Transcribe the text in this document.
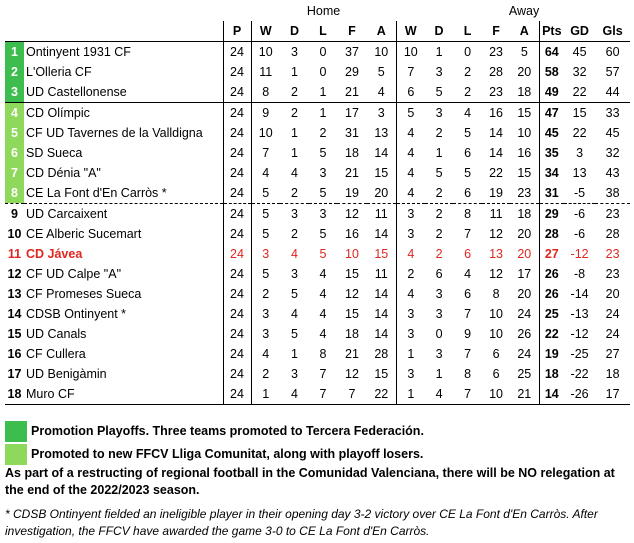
			Home							Away						
		P	W	D	L	F	A	W	D	L	F	A	Pts	GD	Gls	
1	Ontinyent 1931 CF	24	10	3	0	37	10	10	1	0	23	5	64	45	60	
2	L'Olleria CF	24	11	1	0	29	5	7	3	2	28	20	58	32	57	
3	UD Castellonense	24	8	2	1	21	4	6	5	2	23	18	49	22	44	
4	CD Olímpic	24	9	2	1	17	3	5	3	4	16	15	47	15	33	
5	CF UD Tavernes de la Valldigna	24	10	1	2	31	13	4	2	5	14	10	45	22	45	
6	SD Sueca	24	7	1	5	18	14	4	1	6	14	16	35	3	32	
7	CD Dénia "A"	24	4	4	3	21	15	4	5	5	22	15	34	13	43	
8	CE La Font d'En Carròs *	24	5	2	5	19	20	4	2	6	19	23	31	-5	38	
9	UD Carcaixent	24	5	3	3	12	11	3	2	8	11	18	29	-6	23	
10	CE Alberic Sucemart	24	5	2	5	16	14	3	2	7	12	20	28	-6	28	
11	CD Jávea	24	3	4	5	10	15	4	2	6	13	20	27	-12	23	
12	CF UD Calpe "A"	24	5	3	4	15	11	2	6	4	12	17	26	-8	23	
13	CF Promeses Sueca	24	2	5	4	12	14	4	3	6	8	20	26	-14	20	
14	CDSB Ontinyent *	24	3	4	4	15	14	3	3	7	10	24	25	-13	24	
15	UD Canals	24	3	5	4	18	14	3	0	9	10	26	22	-12	24	
16	CF Cullera	24	4	1	8	21	28	1	3	7	6	24	19	-25	27	
17	UD Benigàmin	24	2	3	7	12	15	3	1	8	6	25	18	-22	18	
18	Muro CF	24	1	4	7	7	22	1	4	7	10	21	14	-26	17	
Promotion Playoffs. Three teams promoted to Tercera Federación.
Promoted to new FFCV Lliga Comunitat, along with playoff losers.
As part of a restructing of regional football in the Comunidad Valenciana, there will be NO relegation at the end of the 2022/2023 season.
* CDSB Ontinyent fielded an ineligible player in their opening day 3-2 victory over CE La Font d'En Carròs. After investigation, the FFCV have awarded the game 3-0 to CE La Font d'En Carròs.
